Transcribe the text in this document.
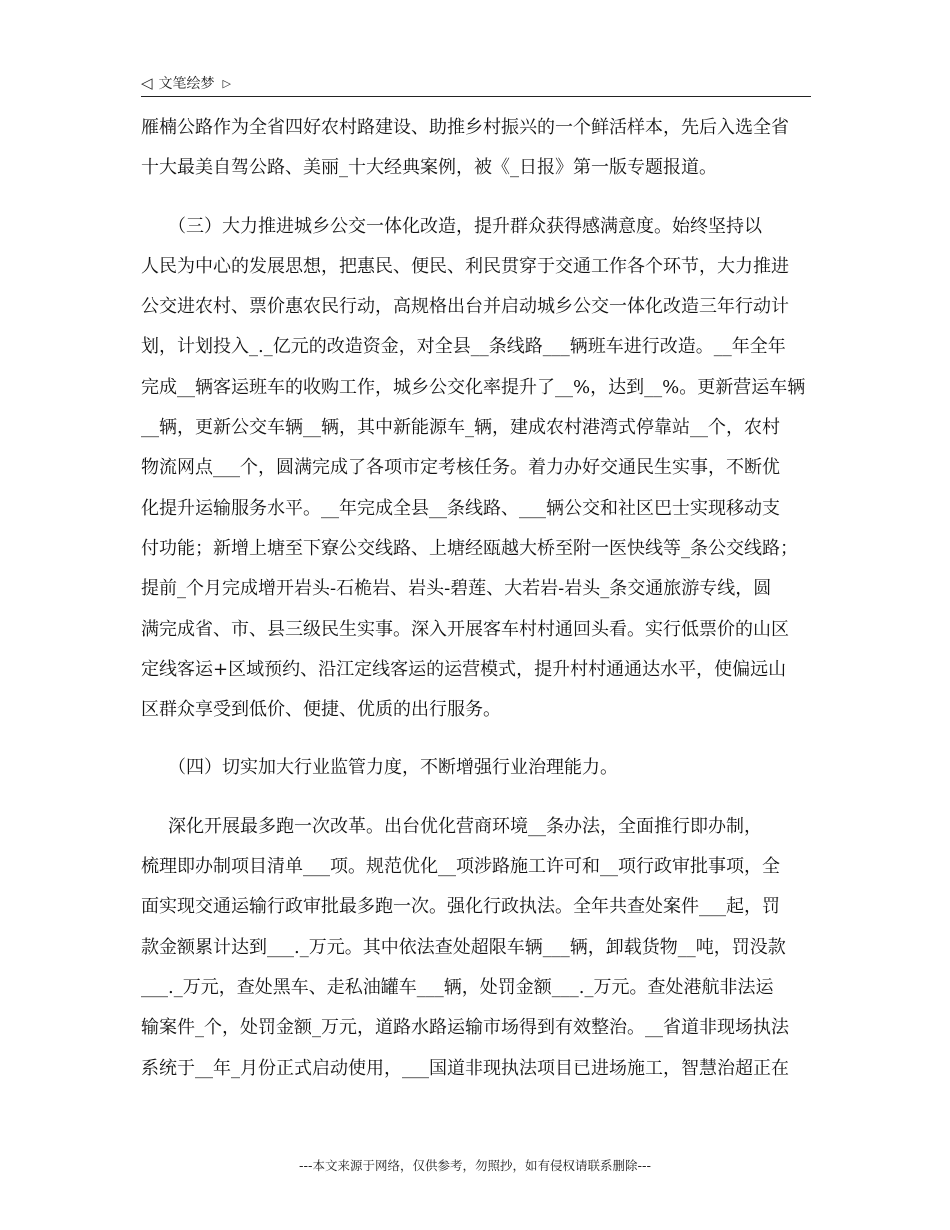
◁ 文笔绘梦 ▷
雁楠公路作为全省四好农村路建设、助推乡村振兴的一个鲜活样本，先后入选全省
十大最美自驾公路、美丽_十大经典案例，被《_日报》第一版专题报道。
（三）大力推进城乡公交一体化改造，提升群众获得感满意度。始终坚持以
人民为中心的发展思想，把惠民、便民、利民贯穿于交通工作各个环节，大力推进
公交进农村、票价惠农民行动，高规格出台并启动城乡公交一体化改造三年行动计
划，计划投入_._亿元的改造资金，对全县__条线路___辆班车进行改造。__年全年
完成__辆客运班车的收购工作，城乡公交化率提升了__%，达到__%。更新营运车辆
__辆，更新公交车辆__辆，其中新能源车_辆，建成农村港湾式停靠站__个，农村
物流网点___个，圆满完成了各项市定考核任务。着力办好交通民生实事，不断优
化提升运输服务水平。__年完成全县__条线路、___辆公交和社区巴士实现移动支
付功能；新增上塘至下寮公交线路、上塘经瓯越大桥至附一医快线等_条公交线路；
提前_个月完成增开岩头-石桅岩、岩头-碧莲、大若岩-岩头_条交通旅游专线，圆
满完成省、市、县三级民生实事。深入开展客车村村通回头看。实行低票价的山区
定线客运+区域预约、沿江定线客运的运营模式，提升村村通通达水平，使偏远山
区群众享受到低价、便捷、优质的出行服务。
（四）切实加大行业监管力度，不断增强行业治理能力。
深化开展最多跑一次改革。出台优化营商环境__条办法，全面推行即办制，
梳理即办制项目清单___项。规范优化__项涉路施工许可和__项行政审批事项，全
面实现交通运输行政审批最多跑一次。强化行政执法。全年共查处案件___起，罚
款金额累计达到___._万元。其中依法查处超限车辆___辆，卸载货物__吨，罚没款
___._万元，查处黑车、走私油罐车___辆，处罚金额___._万元。查处港航非法运
输案件_个，处罚金额_万元，道路水路运输市场得到有效整治。__省道非现场执法
系统于__年_月份正式启动使用，___国道非现执法项目已进场施工，智慧治超正在
---本文来源于网络，仅供参考，勿照抄，如有侵权请联系删除---
